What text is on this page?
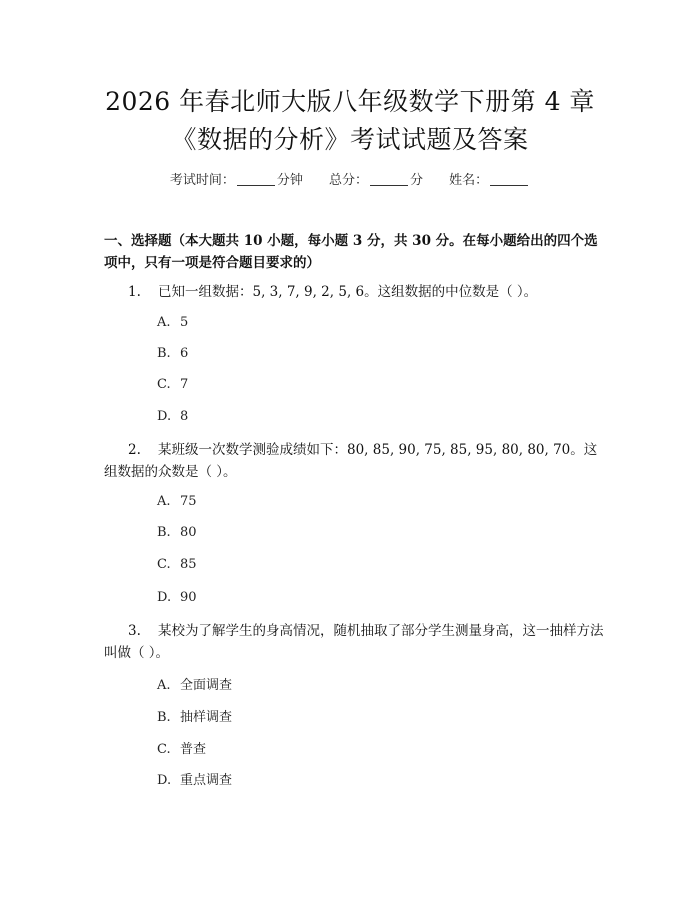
2026 年春北师大版八年级数学下册第 4 章
《数据的分析》考试试题及答案
考试时间：	分钟 总分：	分 姓名：
一、选择题（本大题共 10 小题，每小题 3 分，共 30 分。在每小题给出的四个选项中，只有一项是符合题目要求的）
1. 已知一组数据：5, 3, 7, 9, 2, 5, 6。这组数据的中位数是（ ）。
A. 5
B. 6
C. 7
D. 8
2. 某班级一次数学测验成绩如下：80, 85, 90, 75, 85, 95, 80, 80, 70。这组数据的众数是（ ）。
A. 75
B. 80
C. 85
D. 90
3. 某校为了解学生的身高情况，随机抽取了部分学生测量身高，这一抽样方法叫做（ ）。
A. 全面调查
B. 抽样调查
C. 普查
D. 重点调查
